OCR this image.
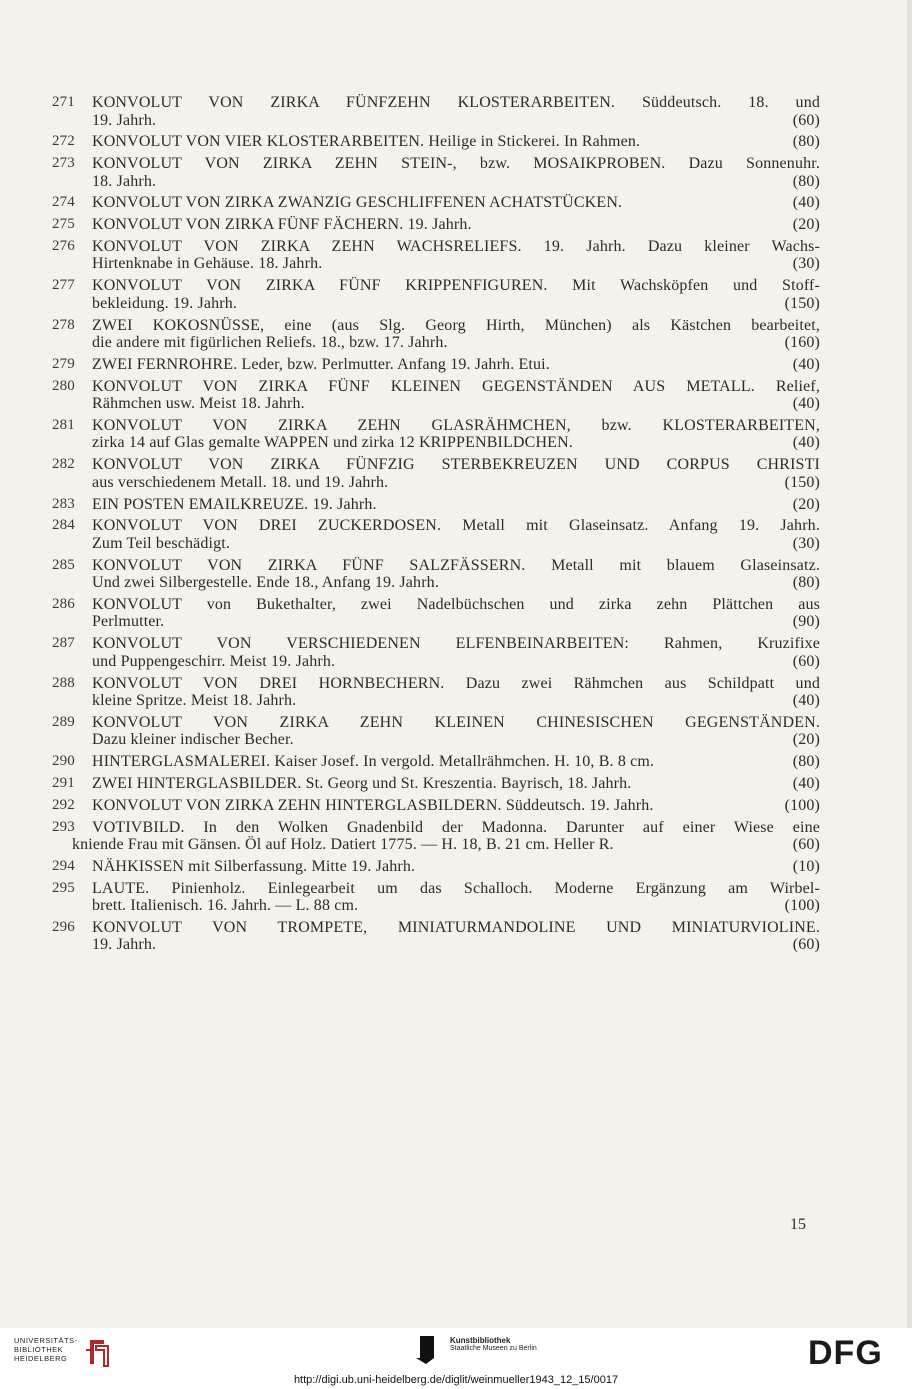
271	KONVOLUT VON ZIRKA FÜNFZEHN KLOSTERARBEITEN. Süddeutsch. 18. und
19. Jahrh.	(60)
272	KONVOLUT VON VIER KLOSTERARBEITEN. Heilige in Stickerei. In Rahmen.	(80)
273	KONVOLUT VON ZIRKA ZEHN STEIN-, bzw. MOSAIKPROBEN. Dazu Sonnenuhr.
18. Jahrh.	(80)
274	KONVOLUT VON ZIRKA ZWANZIG GESCHLIFFENEN ACHATSTÜCKEN.	(40)
275	KONVOLUT VON ZIRKA FÜNF FÄCHERN. 19. Jahrh.	(20)
276	KONVOLUT VON ZIRKA ZEHN WACHSRELIEFS. 19. Jahrh. Dazu kleiner Wachs-
Hirtenknabe in Gehäuse. 18. Jahrh.	(30)
277	KONVOLUT VON ZIRKA FÜNF KRIPPENFIGUREN. Mit Wachsköpfen und Stoff-
bekleidung. 19. Jahrh.	(150)
278	ZWEI KOKOSNÜSSE, eine (aus Slg. Georg Hirth, München) als Kästchen bearbeitet,
die andere mit figürlichen Reliefs. 18., bzw. 17. Jahrh.	(160)
279	ZWEI FERNROHRE. Leder, bzw. Perlmutter. Anfang 19. Jahrh. Etui.	(40)
280	KONVOLUT VON ZIRKA FÜNF KLEINEN GEGENSTÄNDEN AUS METALL. Relief,
Rähmchen usw. Meist 18. Jahrh.	(40)
281	KONVOLUT VON ZIRKA ZEHN GLASRÄHMCHEN, bzw. KLOSTERARBEITEN,
zirka 14 auf Glas gemalte WAPPEN und zirka 12 KRIPPENBILDCHEN.	(40)
282	KONVOLUT VON ZIRKA FÜNFZIG STERBEKREUZEN UND CORPUS CHRISTI
aus verschiedenem Metall. 18. und 19. Jahrh.	(150)
283	EIN POSTEN EMAILKREUZE. 19. Jahrh.	(20)
284	KONVOLUT VON DREI ZUCKERDOSEN. Metall mit Glaseinsatz. Anfang 19. Jahrh.
Zum Teil beschädigt.	(30)
285	KONVOLUT VON ZIRKA FÜNF SALZFÄSSERN. Metall mit blauem Glaseinsatz.
Und zwei Silbergestelle. Ende 18., Anfang 19. Jahrh.	(80)
286	KONVOLUT von Bukethalter, zwei Nadelbüchschen und zirka zehn Plättchen aus
Perlmutter.	(90)
287	KONVOLUT VON VERSCHIEDENEN ELFENBEINARBEITEN: Rahmen, Kruzifixe
und Puppengeschirr. Meist 19. Jahrh.	(60)
288	KONVOLUT VON DREI HORNBECHERN. Dazu zwei Rähmchen aus Schildpatt und
kleine Spritze. Meist 18. Jahrh.	(40)
289	KONVOLUT VON ZIRKA ZEHN KLEINEN CHINESISCHEN GEGENSTÄNDEN.
Dazu kleiner indischer Becher.	(20)
290	HINTERGLASMALEREI. Kaiser Josef. In vergold. Metallrähmchen. H. 10, B. 8 cm.	(80)
291	ZWEI HINTERGLASBILDER. St. Georg und St. Kreszentia. Bayrisch, 18. Jahrh.	(40)
292	KONVOLUT VON ZIRKA ZEHN HINTERGLASBILDERN. Süddeutsch. 19. Jahrh.	(100)
293	VOTIVBILD. In den Wolken Gnadenbild der Madonna. Darunter auf einer Wiese eine
kniende Frau mit Gänsen. Öl auf Holz. Datiert 1775. — H. 18, B. 21 cm. Heller R.	(60)
294	NÄHKISSEN mit Silberfassung. Mitte 19. Jahrh.	(10)
295	LAUTE. Pinienholz. Einlegearbeit um das Schalloch. Moderne Ergänzung am Wirbel-
brett. Italienisch. 16. Jahrh. — L. 88 cm.	(100)
296	KONVOLUT VON TROMPETE, MINIATURMANDOLINE UND MINIATURVIOLINE.
19. Jahrh.	(60)
15
UNIVERSITÄTS-
BIBLIOTHEK
HEIDELBERG
Kunstbibliothek
Staatliche Museen zu Berlin	DFG
http://digi.ub.uni-heidelberg.de/diglit/weinmueller1943_12_15/0017
